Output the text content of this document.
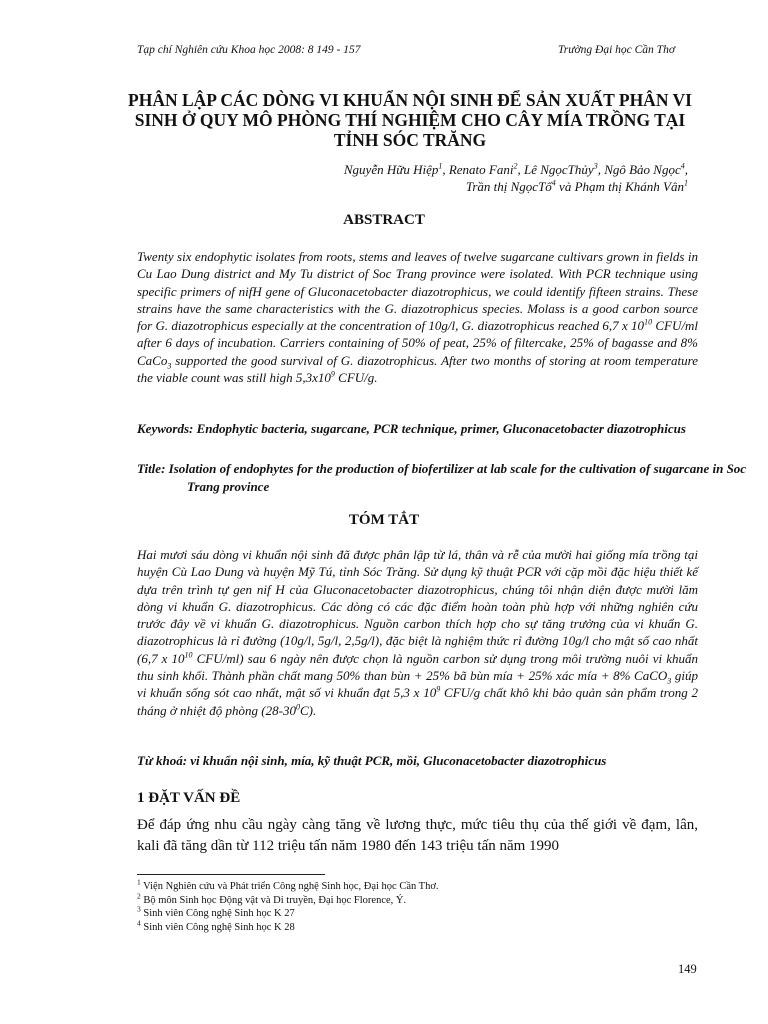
Tạp chí Nghiên cứu Khoa học 2008: 8 149 - 157	Trường Đại học Cần Thơ
PHÂN LẬP CÁC DÒNG VI KHUẨN NỘI SINH ĐỂ SẢN XUẤT PHÂN VI SINH Ở QUY MÔ PHÒNG THÍ NGHIỆM CHO CÂY MÍA TRỒNG TẠI TỈNH SÓC TRĂNG
Nguyễn Hữu Hiệp$^1$, Renato Fani$^2$, Lê NgọcThủy$^3$, Ngô Bảo Ngọc$^4$,
Trần thị NgọcTố$^4$ và Phạm thị Khánh Vân$^1$
ABSTRACT
Twenty six endophytic isolates from roots, stems and leaves of twelve sugarcane cultivars grown in fields in Cu Lao Dung district and My Tu district of Soc Trang province were isolated. With PCR technique using specific primers of nifH gene of Gluconacetobacter diazotrophicus, we could identify fifteen strains. These strains have the same characteristics with the G. diazotrophicus species. Molass is a good carbon source for G. diazotrophicus especially at the concentration of 10g/l, G. diazotrophicus reached 6,7 x $10^{10}$ CFU/ml after 6 days of incubation. Carriers containing of 50% of peat, 25% of filtercake, 25% of bagasse and 8% CaCo$_3$ supported the good survival of G. diazotrophicus. After two months of storing at room temperature the viable count was still high $5,3x10^9$ CFU/g.
Keywords: Endophytic bacteria, sugarcane, PCR technique, primer, Gluconacetobacter diazotrophicus
Title: Isolation of endophytes for the production of biofertilizer at lab scale for the cultivation of sugarcane in Soc Trang province
TÓM TẮT
Hai mươi sáu dòng vi khuẩn nội sinh đã được phân lập từ lá, thân và rễ của mười hai giống mía trồng tại huyện Cù Lao Dung và huyện Mỹ Tú, tỉnh Sóc Trăng. Sử dụng kỹ thuật PCR với cặp mồi đặc hiệu thiết kế dựa trên trình tự gen nif H của Gluconacetobacter diazotrophicus, chúng tôi nhận diện được mười lăm dòng vi khuẩn G. diazotrophicus. Các dòng có các đặc điểm hoàn toàn phù hợp với những nghiên cứu trước đây về vi khuẩn G. diazotrophicus. Nguồn carbon thích hợp cho sự tăng trưởng của vi khuẩn G. diazotrophicus là rỉ đường (10g/l, 5g/l, 2,5g/l), đặc biệt là nghiệm thức rỉ đường 10g/l cho mật số cao nhất (6,7 x $10^{10}$ CFU/ml) sau 6 ngày nên được chọn là nguồn carbon sử dụng trong môi trường nuôi vi khuẩn thu sinh khối. Thành phần chất mang 50% than bùn + 25% bã bùn mía + 25% xác mía + 8% CaCO$_3$ giúp vi khuẩn sống sót cao nhất, mật số vi khuẩn đạt 5,3 x $10^9$ CFU/g chất khô khi bảo quản sản phẩm trong 2 tháng ở nhiệt độ phòng $(28-30^0C)$.
Từ khoá: vi khuẩn nội sinh, mía, kỹ thuật PCR, mồi, Gluconacetobacter diazotrophicus
1 ĐẶT VẤN ĐỀ
Để đáp ứng nhu cầu ngày càng tăng về lương thực, mức tiêu thụ của thế giới về đạm, lân, kali đã tăng dần từ 112 triệu tấn năm 1980 đến 143 triệu tấn năm 1990
$^1$ Viện Nghiên cứu và Phát triển Công nghệ Sinh học, Đại học Cần Thơ.
$^2$ Bộ môn Sinh học Động vật và Di truyền, Đại học Florence, Ý.
$^3$ Sinh viên Công nghệ Sinh học K 27
$^4$ Sinh viên Công nghệ Sinh học K 28
149
